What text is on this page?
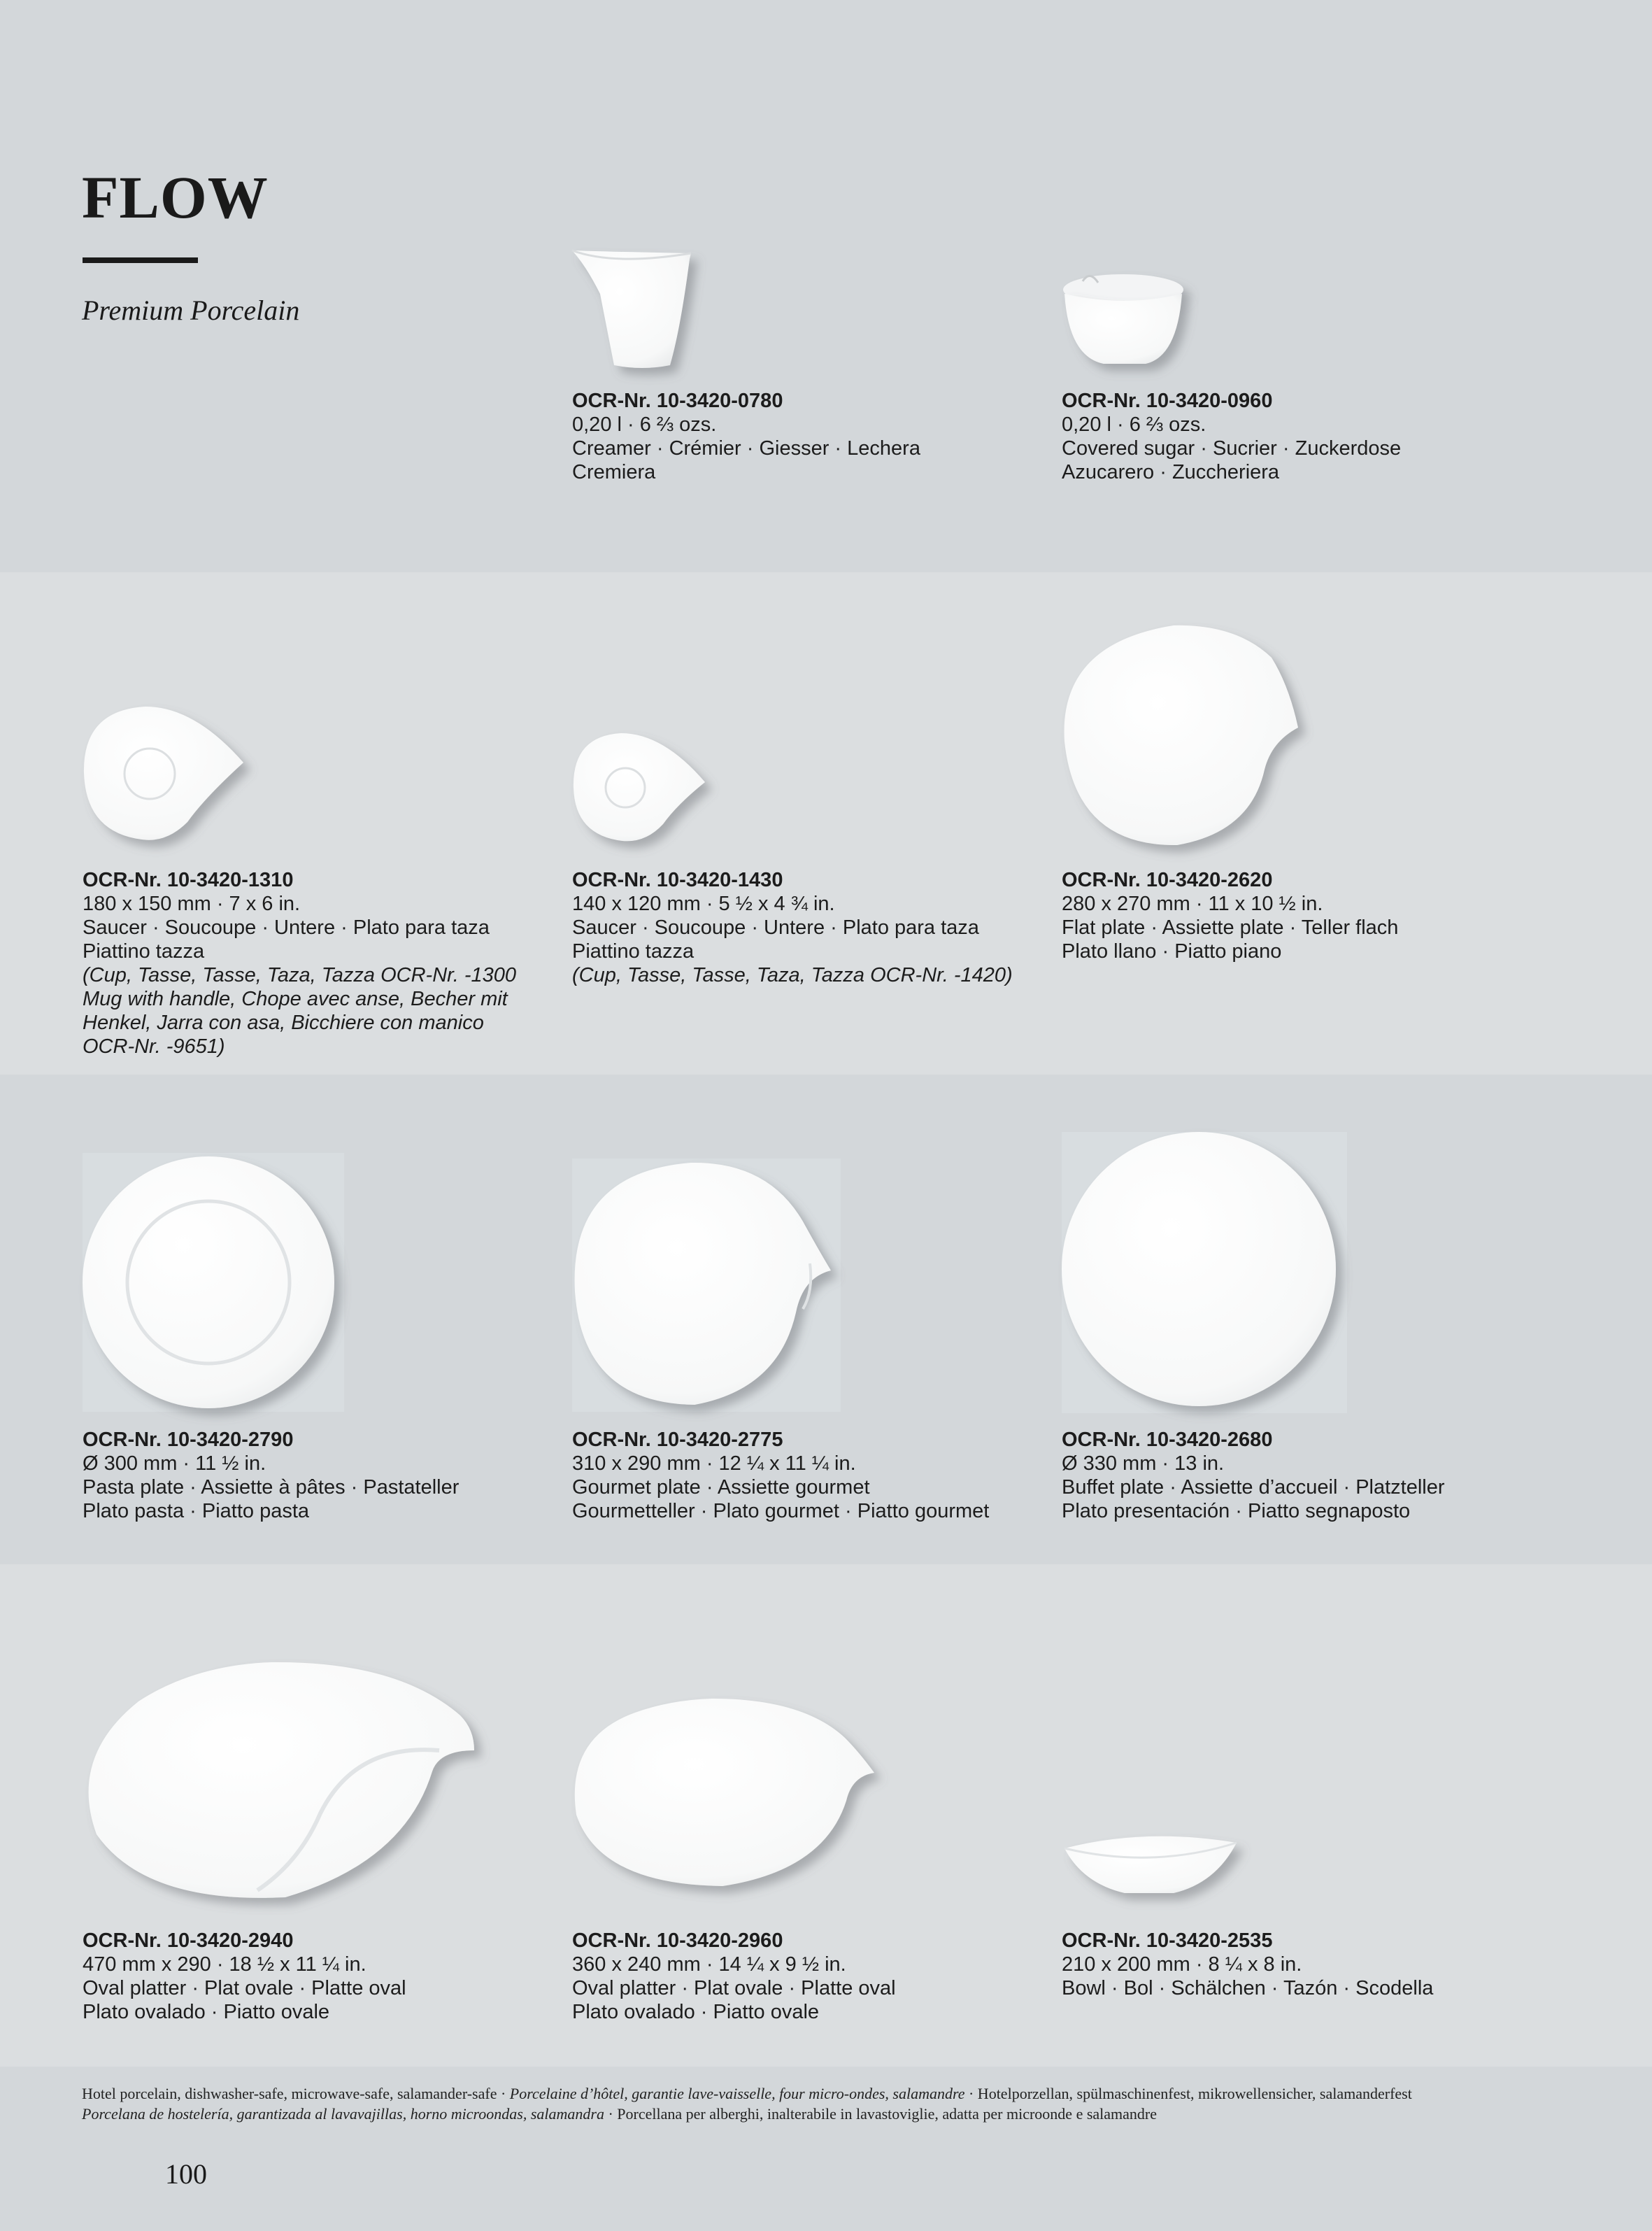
FLOW
Premium Porcelain
OCR-Nr. 10-3420-0780
0,20 l · 6 ⅔ ozs.
Creamer · Crémier · Giesser · Lechera
Cremiera
OCR-Nr. 10-3420-0960
0,20 l · 6 ⅔ ozs.
Covered sugar · Sucrier · Zuckerdose
Azucarero · Zuccheriera
OCR-Nr. 10-3420-1310
180 x 150 mm · 7 x 6 in.
Saucer · Soucoupe · Untere · Plato para taza
Piattino tazza
(Cup, Tasse, Tasse, Taza, Tazza OCR-Nr. -1300
Mug with handle, Chope avec anse, Becher mit
Henkel, Jarra con asa, Bicchiere con manico
OCR-Nr. -9651)
OCR-Nr. 10-3420-1430
140 x 120 mm · 5 ½ x 4 ¾ in.
Saucer · Soucoupe · Untere · Plato para taza
Piattino tazza
(Cup, Tasse, Tasse, Taza, Tazza OCR-Nr. -1420)
OCR-Nr. 10-3420-2620
280 x 270 mm · 11 x 10 ½ in.
Flat plate · Assiette plate · Teller flach
Plato llano · Piatto piano
OCR-Nr. 10-3420-2790
Ø 300 mm · 11 ½ in.
Pasta plate · Assiette à pâtes · Pastateller
Plato pasta · Piatto pasta
OCR-Nr. 10-3420-2775
310 x 290 mm · 12 ¼ x 11 ¼ in.
Gourmet plate · Assiette gourmet
Gourmetteller · Plato gourmet · Piatto gourmet
OCR-Nr. 10-3420-2680
Ø 330 mm · 13 in.
Buffet plate · Assiette d’accueil · Platzteller
Plato presentación · Piatto segnaposto
OCR-Nr. 10-3420-2940
470 mm x 290 · 18 ½ x 11 ¼ in.
Oval platter · Plat ovale · Platte oval
Plato ovalado · Piatto ovale
OCR-Nr. 10-3420-2960
360 x 240 mm · 14 ¼ x 9 ½ in.
Oval platter · Plat ovale · Platte oval
Plato ovalado · Piatto ovale
OCR-Nr. 10-3420-2535
210 x 200 mm · 8 ¼ x 8 in.
Bowl · Bol · Schälchen · Tazón · Scodella
Hotel porcelain, dishwasher-safe, microwave-safe, salamander-safe · Porcelaine d’hôtel, garantie lave-vaisselle, four micro-ondes, salamandre · Hotelporzellan, spülmaschinenfest, mikrowellensicher, salamanderfest
Porcelana de hostelería, garantizada al lavavajillas, horno microondas, salamandra · Porcellana per alberghi, inalterabile in lavastoviglie, adatta per microonde e salamandre
100
